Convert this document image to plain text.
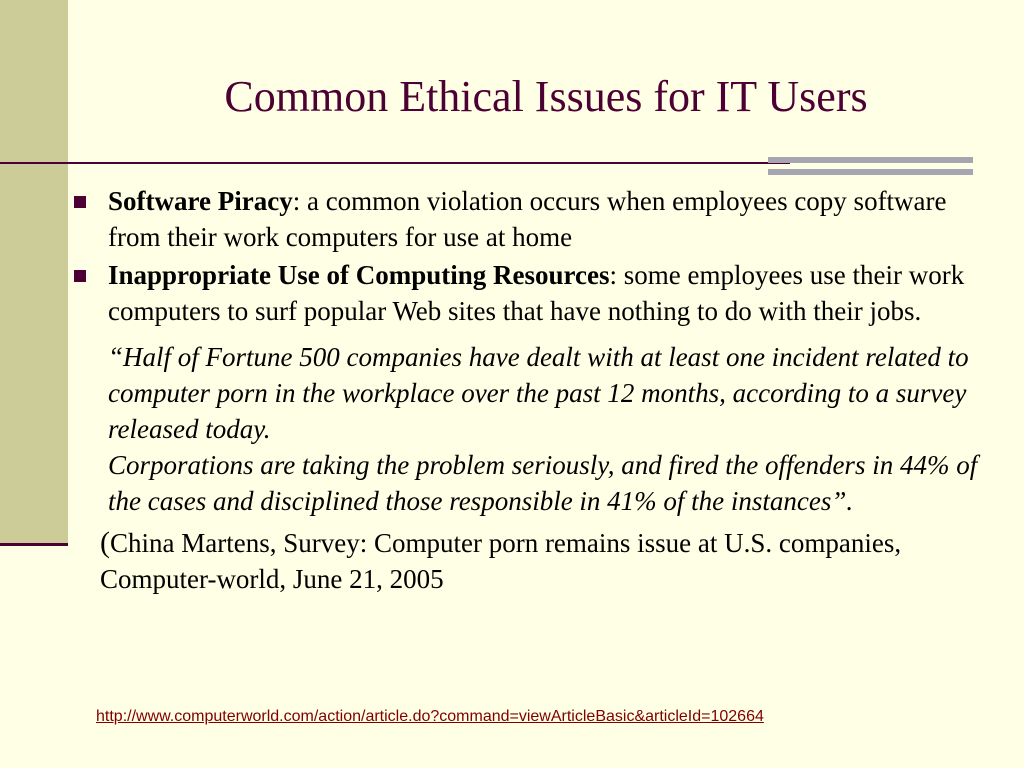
Common Ethical Issues for IT Users
Software Piracy: a common violation occurs when employees copy software from their work computers for use at home
Inappropriate Use of Computing Resources: some employees use their work computers to surf popular Web sites that have nothing to do with their jobs.
“Half of Fortune 500 companies have dealt with at least one incident related to computer porn in the workplace over the past 12 months, according to a survey released today.
Corporations are taking the problem seriously, and fired the offenders in 44% of the cases and disciplined those responsible in 41% of the instances”.
(China Martens, Survey: Computer porn remains issue at U.S. companies, Computer-world, June 21, 2005
http://www.computerworld.com/action/article.do?command=viewArticleBasic&articleId=102664
